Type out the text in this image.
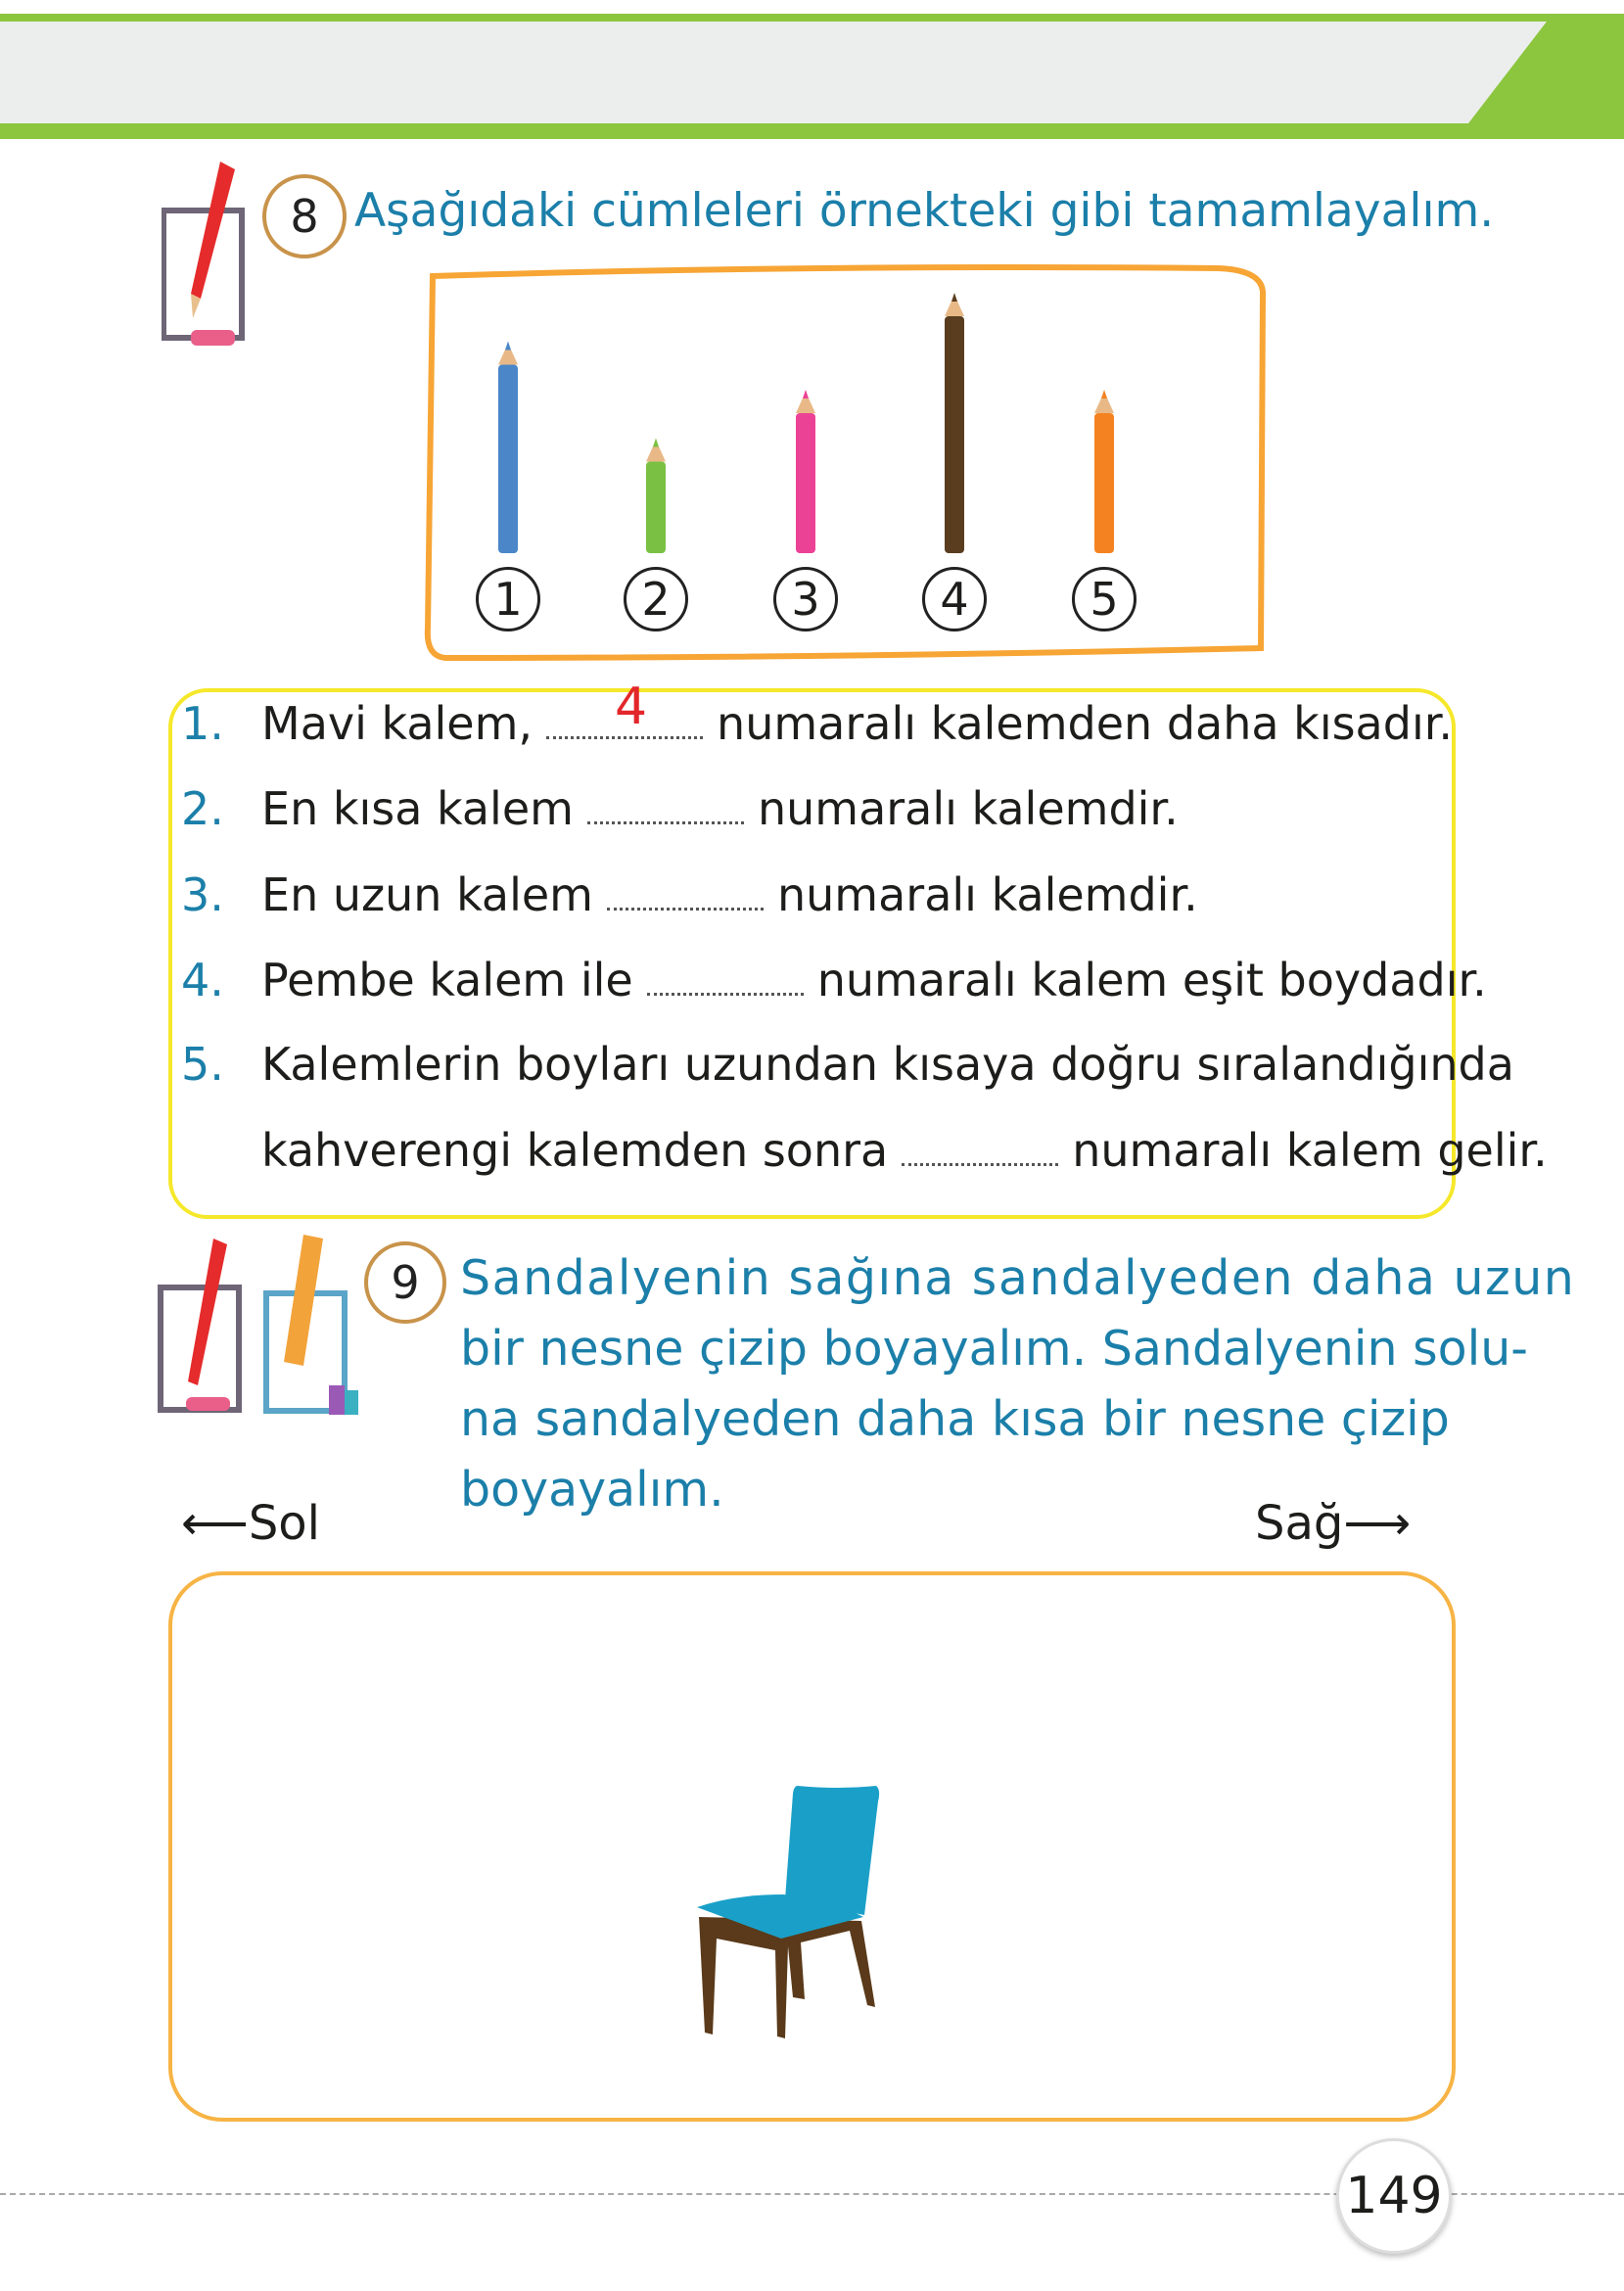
8 Aşağıdaki cümleleri örnekteki gibi tamamlayalım.
1	2	3	4	5
1. Mavi kalem, 4 numaralı kalemden daha kısadır.
2. En kısa kalem	numaralı kalemdir.
3. En uzun kalem	numaralı kalemdir.
4. Pembe kalem ile	numaralı kalem eşit boydadır.
5. Kalemlerin boyları uzundan kısaya doğru sıralandığında
kahverengi kalemden sonra	numaralı kalem gelir.
9 Sandalyenin sağına sandalyeden daha uzun
bir nesne çizip boyayalım. Sandalyenin solu-
na sandalyeden daha kısa bir nesne çizip
boyayalım.
⟵ Sol	Sağ ⟶
149
